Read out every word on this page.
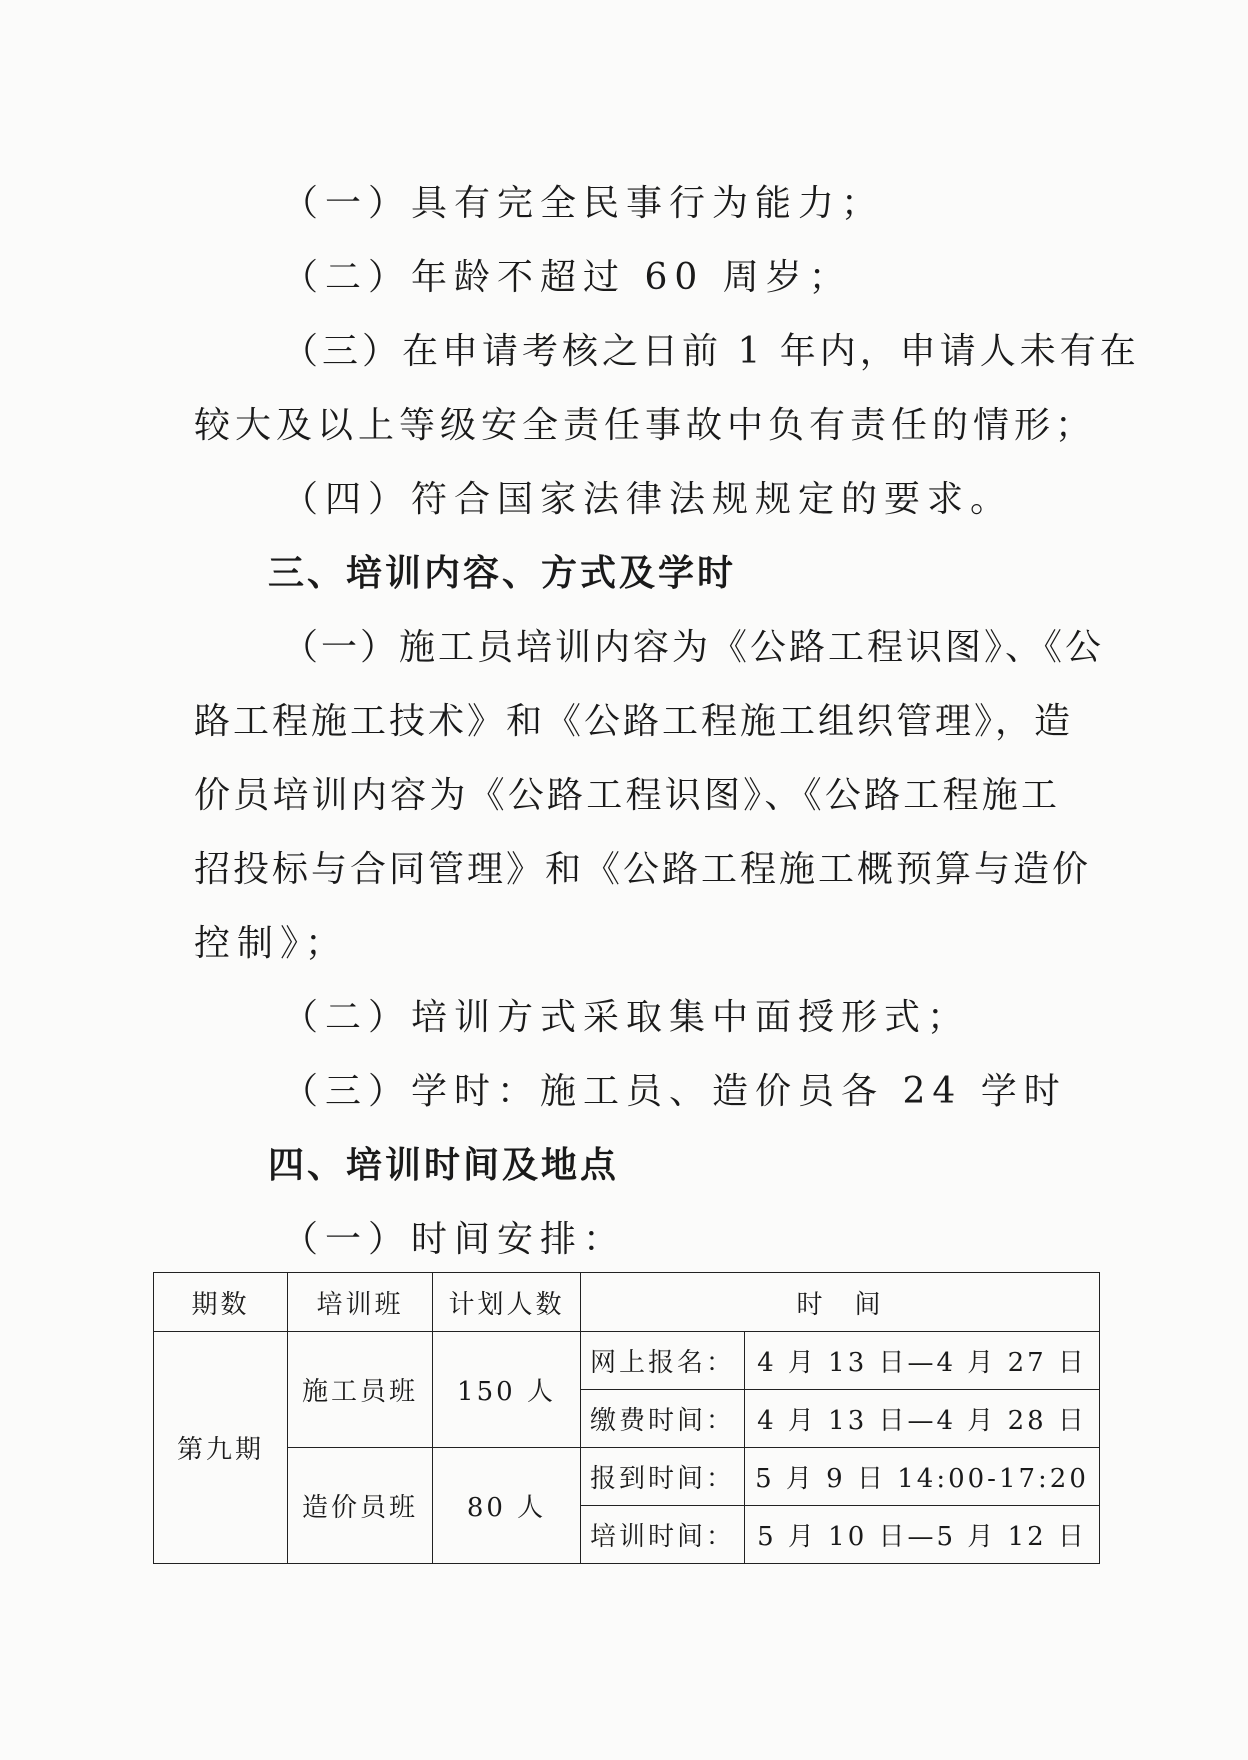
（一）具有完全民事行为能力；
（二）年龄不超过 60 周岁；
（三）在申请考核之日前 1 年内，申请人未有在
较大及以上等级安全责任事故中负有责任的情形；
（四）符合国家法律法规规定的要求。
三、培训内容、方式及学时
（一）施工员培训内容为《公路工程识图》、《公
路工程施工技术》和《公路工程施工组织管理》，造
价员培训内容为《公路工程识图》、《公路工程施工
招投标与合同管理》和《公路工程施工概预算与造价
控制》；
（二）培训方式采取集中面授形式；
（三）学时：施工员、造价员各 24 学时
四、培训时间及地点
（一）时间安排：
期数	培训班	计划人数	时　间	
第九期	施工员班	150 人	网上报名：	4 月 13 日—4 月 27 日
			缴费时间：	4 月 13 日—4 月 28 日
	造价员班	80 人	报到时间：	5 月 9 日 14:00-17:20
			培训时间：	5 月 10 日—5 月 12 日
